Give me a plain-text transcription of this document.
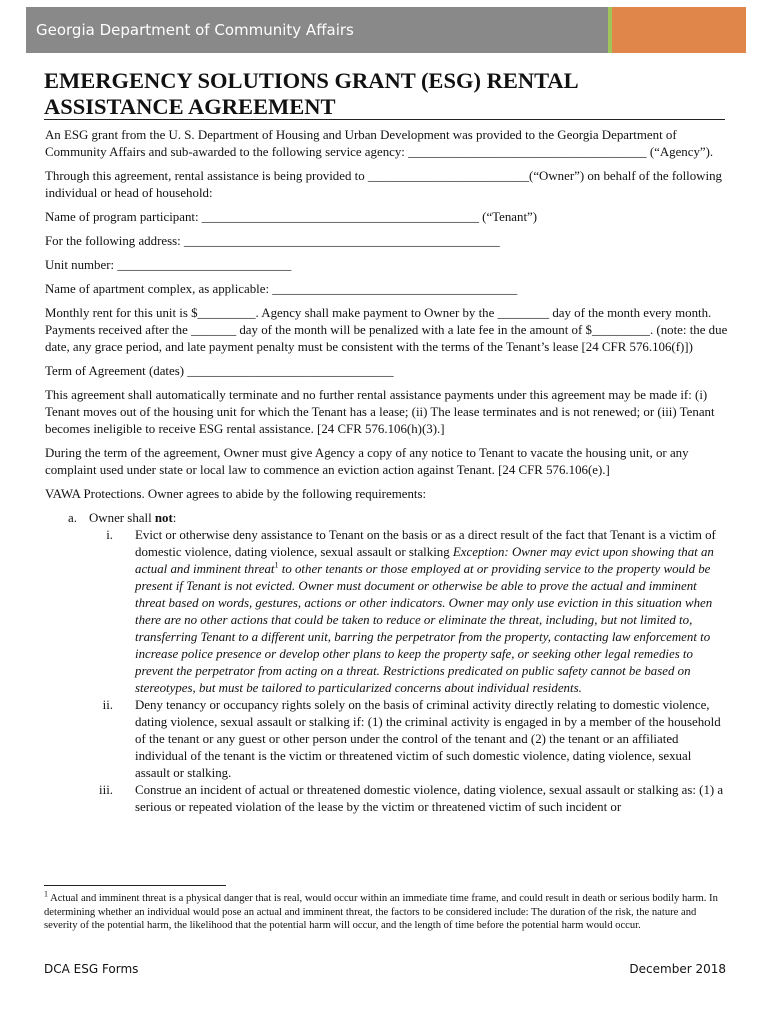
Georgia Department of Community Affairs
EMERGENCY SOLUTIONS GRANT (ESG) RENTAL
ASSISTANCE AGREEMENT

An ESG grant from the U. S. Department of Housing and Urban Development was provided to the Georgia Department of Community Affairs and sub-awarded to the following service agency: _____________________________________ (“Agency”).

Through this agreement, rental assistance is being provided to _________________________(“Owner”) on behalf of the following individual or head of household:

Name of program participant: ___________________________________________ (“Tenant”)

For the following address: _________________________________________________

Unit number: ___________________________

Name of apartment complex, as applicable: ______________________________________

Monthly rent for this unit is $_________. Agency shall make payment to Owner by the ________ day of the month every month. Payments received after the _______ day of the month will be penalized with a late fee in the amount of $_________. (note: the due date, any grace period, and late payment penalty must be consistent with the terms of the Tenant’s lease [24 CFR 576.106(f)])

Term of Agreement (dates) ________________________________

This agreement shall automatically terminate and no further rental assistance payments under this agreement may be made if: (i) Tenant moves out of the housing unit for which the Tenant has a lease; (ii) The lease terminates and is not renewed; or (iii) Tenant becomes ineligible to receive ESG rental assistance. [24 CFR 576.106(h)(3).]

During the term of the agreement, Owner must give Agency a copy of any notice to Tenant to vacate the housing unit, or any complaint used under state or local law to commence an eviction action against Tenant. [24 CFR 576.106(e).]

VAWA Protections. Owner agrees to abide by the following requirements:

a. Owner shall not:
i. Evict or otherwise deny assistance to Tenant on the basis or as a direct result of the fact that Tenant is a victim of domestic violence, dating violence, sexual assault or stalking Exception: Owner may evict upon showing that an actual and imminent threat$^1$ to other tenants or those employed at or providing service to the property would be present if Tenant is not evicted. Owner must document or otherwise be able to prove the actual and imminent threat based on words, gestures, actions or other indicators. Owner may only use eviction in this situation when there are no other actions that could be taken to reduce or eliminate the threat, including, but not limited to, transferring Tenant to a different unit, barring the perpetrator from the property, contacting law enforcement to increase police presence or develop other plans to keep the property safe, or seeking other legal remedies to prevent the perpetrator from acting on a threat. Restrictions predicated on public safety cannot be based on stereotypes, but must be tailored to particularized concerns about individual residents.
ii. Deny tenancy or occupancy rights solely on the basis of criminal activity directly relating to domestic violence, dating violence, sexual assault or stalking if: (1) the criminal activity is engaged in by a member of the household of the tenant or any guest or other person under the control of the tenant and (2) the tenant or an affiliated individual of the tenant is the victim or threatened victim of such domestic violence, dating violence, sexual assault or stalking.
iii. Construe an incident of actual or threatened domestic violence, dating violence, sexual assault or stalking as: (1) a serious or repeated violation of the lease by the victim or threatened victim of such incident or
$^1$ Actual and imminent threat is a physical danger that is real, would occur within an immediate time frame, and could result in death or serious bodily harm. In determining whether an individual would pose an actual and imminent threat, the factors to be considered include: The duration of the risk, the nature and severity of the potential harm, the likelihood that the potential harm will occur, and the length of time before the potential harm would occur.
DCA ESG Forms	December 2018
